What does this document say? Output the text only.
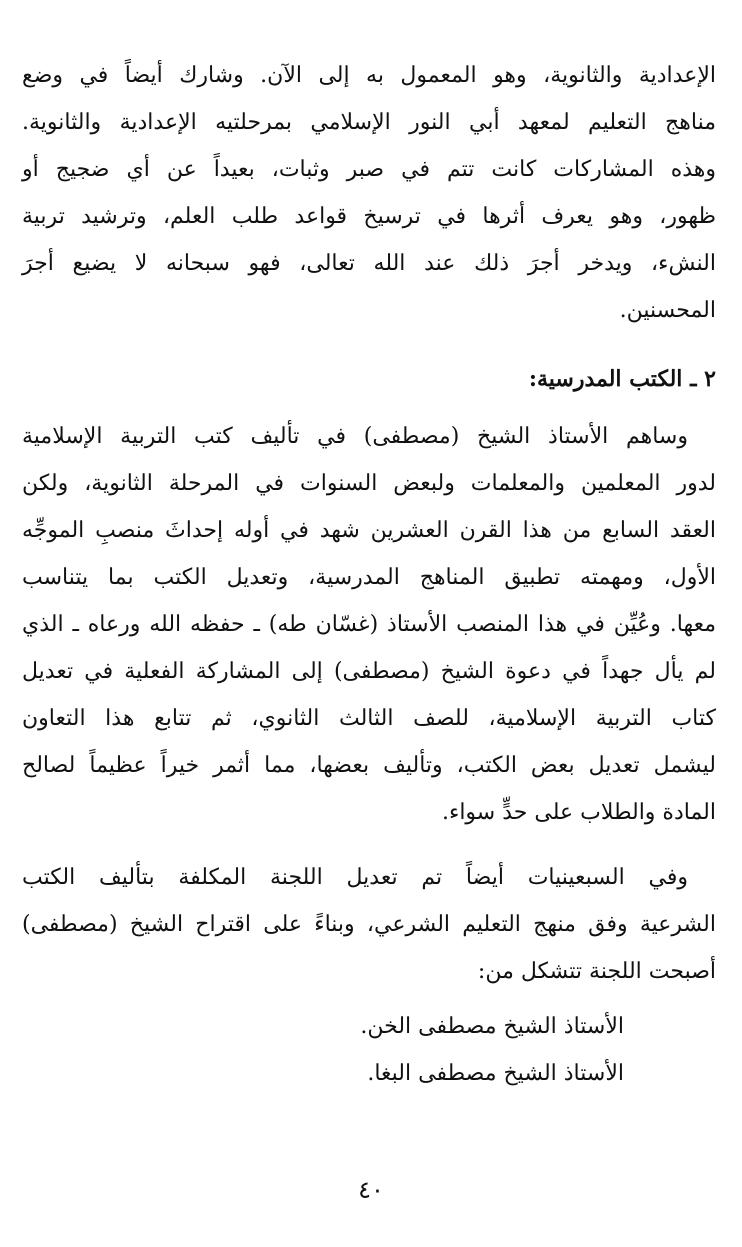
الإعدادية والثانوية، وهو المعمول به إلى الآن. وشارك أيضاً في وضع
مناهج التعليم لمعهد أبي النور الإسلامي بمرحلتيه الإعدادية والثانوية.
وهذه المشاركات كانت تتم في صبر وثبات، بعيداً عن أي ضجيج أو
ظهور، وهو يعرف أثرها في ترسيخ قواعد طلب العلم، وترشيد تربية
النشء، ويدخر أجرَ ذلك عند الله تعالى، فهو سبحانه لا يضيع أجرَ
المحسنين.
٢ ـ الكتب المدرسية:
وساهم الأستاذ الشيخ (مصطفى) في تأليف كتب التربية الإسلامية
لدور المعلمين والمعلمات ولبعض السنوات في المرحلة الثانوية، ولكن
العقد السابع من هذا القرن العشرين شهد في أوله إحداثَ منصبِ الموجِّه
الأول، ومهمته تطبيق المناهج المدرسية، وتعديل الكتب بما يتناسب
معها. وعُيِّن في هذا المنصب الأستاذ (غسّان طه) ـ حفظه الله ورعاه ـ الذي
لم يأل جهداً في دعوة الشيخ (مصطفى) إلى المشاركة الفعلية في تعديل
كتاب التربية الإسلامية، للصف الثالث الثانوي، ثم تتابع هذا التعاون
ليشمل تعديل بعض الكتب، وتأليف بعضها، مما أثمر خيراً عظيماً لصالح
المادة والطلاب على حدٍّ سواء.
وفي السبعينيات أيضاً تم تعديل اللجنة المكلفة بتأليف الكتب
الشرعية وفق منهج التعليم الشرعي، وبناءً على اقتراح الشيخ (مصطفى)
أصبحت اللجنة تتشكل من:
الأستاذ الشيخ مصطفى الخن.
الأستاذ الشيخ مصطفى البغا.
٤٠
